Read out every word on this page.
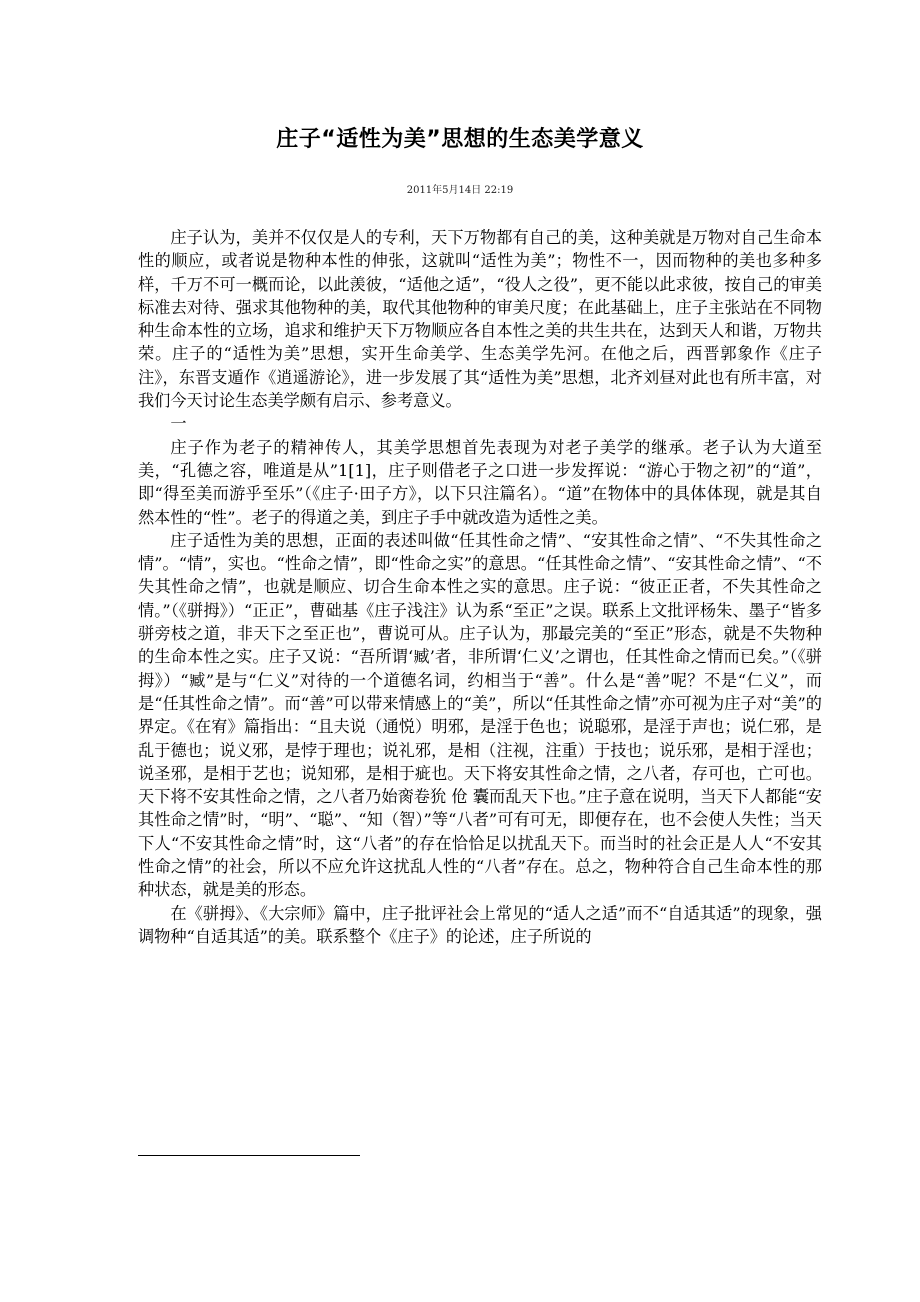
庄子“适性为美”思想的生态美学意义
2011年5月14日 22:19

庄子认为，美并不仅仅是人的专利，天下万物都有自己的美，这种美就是万物对自己生命本性的顺应，或者说是物种本性的伸张，这就叫“适性为美”；物性不一，因而物种的美也多种多样，千万不可一概而论，以此羡彼，“适他之适”，“役人之役”，更不能以此求彼，按自己的审美标准去对待、强求其他物种的美，取代其他物种的审美尺度；在此基础上，庄子主张站在不同物种生命本性的立场，追求和维护天下万物顺应各自本性之美的共生共在，达到天人和谐，万物共荣。庄子的“适性为美”思想，实开生命美学、生态美学先河。在他之后，西晋郭象作《庄子注》，东晋支遁作《逍遥游论》，进一步发展了其“适性为美”思想，北齐刘昼对此也有所丰富，对我们今天讨论生态美学颇有启示、参考意义。

一

庄子作为老子的精神传人，其美学思想首先表现为对老子美学的继承。老子认为大道至美，“孔德之容，唯道是从”1[1]，庄子则借老子之口进一步发挥说：“游心于物之初”的“道”，即“得至美而游乎至乐”（《庄子·田子方》，以下只注篇名）。“道”在物体中的具体体现，就是其自然本性的“性”。老子的得道之美，到庄子手中就改造为适性之美。

庄子适性为美的思想，正面的表述叫做“任其性命之情”、“安其性命之情”、“不失其性命之情”。“情”，实也。“性命之情”，即“性命之实”的意思。“任其性命之情”、“安其性命之情”、“不失其性命之情”，也就是顺应、切合生命本性之实的意思。庄子说：“彼正正者，不失其性命之情。”（《骈拇》）“正正”，曹础基《庄子浅注》认为系“至正”之误。联系上文批评杨朱、墨子“皆多骈旁枝之道，非天下之至正也”，曹说可从。庄子认为，那最完美的“至正”形态，就是不失物种的生命本性之实。庄子又说：“吾所谓‘臧’者，非所谓‘仁义’之谓也，任其性命之情而已矣。”（《骈拇》）“臧”是与“仁义”对待的一个道德名词，约相当于“善”。什么是“善”呢？不是“仁义”，而是“任其性命之情”。而“善”可以带来情感上的“美”，所以“任其性命之情”亦可视为庄子对“美”的界定。《在宥》篇指出：“且夫说（通悦）明邪，是淫于色也；说聪邪，是淫于声也；说仁邪，是乱于德也；说义邪，是悖于理也；说礼邪，是相（注视，注重）于技也；说乐邪，是相于淫也；说圣邪，是相于艺也；说知邪，是相于疵也。天下将安其性命之情，之八者，存可也，亡可也。天下将不安其性命之情，之八者乃始脔卷狁 伧 囊而乱天下也。”庄子意在说明，当天下人都能“安其性命之情”时，“明”、“聪”、“知（智）”等“八者”可有可无，即便存在，也不会使人失性；当天下人“不安其性命之情”时，这“八者”的存在恰恰足以扰乱天下。而当时的社会正是人人“不安其性命之情”的社会，所以不应允许这扰乱人性的“八者”存在。总之，物种符合自己生命本性的那种状态，就是美的形态。

在《骈拇》、《大宗师》篇中，庄子批评社会上常见的“适人之适”而不“自适其适”的现象，强调物种“自适其适”的美。联系整个《庄子》的论述，庄子所说的
